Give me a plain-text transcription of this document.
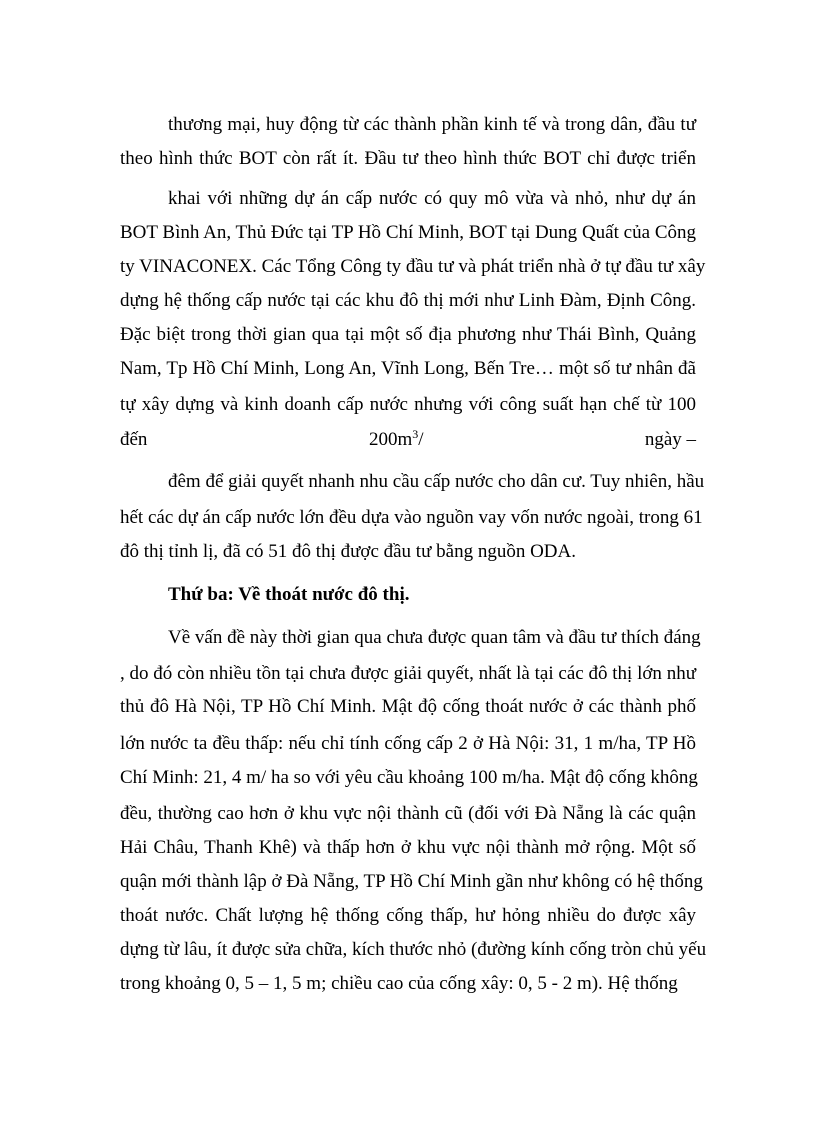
thương mại, huy động từ các thành phần kinh tế và trong dân, đầu tư
theo hình thức BOT còn rất ít. Đầu tư theo hình thức BOT chỉ được triển
khai với những dự án cấp nước có quy mô vừa và nhỏ, như dự án
BOT Bình An, Thủ Đức tại TP Hồ Chí Minh, BOT tại Dung Quất của Công
ty VINACONEX. Các Tổng Công ty đầu tư và phát triển nhà ở tự đầu tư xây
dựng hệ thống cấp nước tại các khu đô thị mới như Linh Đàm, Định Công.
Đặc biệt trong thời gian qua tại một số địa phương như Thái Bình, Quảng
Nam, Tp Hồ Chí Minh, Long An, Vĩnh Long, Bến Tre… một số tư nhân đã
tự xây dựng và kinh doanh cấp nước nhưng với công suất hạn chế từ 100
đến	$200m^3/$	ngày –
đêm để giải quyết nhanh nhu cầu cấp nước cho dân cư. Tuy nhiên, hầu
hết các dự án cấp nước lớn đều dựa vào nguồn vay vốn nước ngoài, trong 61
đô thị tỉnh lị, đã có 51 đô thị được đầu tư bằng nguồn ODA.
Thứ ba: Về thoát nước đô thị.
Về vấn đề này thời gian qua chưa được quan tâm và đầu tư thích đáng
, do đó còn nhiều tồn tại chưa được giải quyết, nhất là tại các đô thị lớn như
thủ đô Hà Nội, TP Hồ Chí Minh. Mật độ cống thoát nước ở các thành phố
lớn nước ta đều thấp: nếu chỉ tính cống cấp 2 ở Hà Nội: 31, 1 m/ha, TP Hồ
Chí Minh: 21, 4 m/ ha so với yêu cầu khoảng 100 m/ha. Mật độ cống không
đều, thường cao hơn ở khu vực nội thành cũ (đối với Đà Nẵng là các quận
Hải Châu, Thanh Khê) và thấp hơn ở khu vực nội thành mở rộng. Một số
quận mới thành lập ở Đà Nẵng, TP Hồ Chí Minh gần như không có hệ thống
thoát nước. Chất lượng hệ thống cống thấp, hư hỏng nhiều do được xây
dựng từ lâu, ít được sửa chữa, kích thước nhỏ (đường kính cống tròn chủ yếu
trong khoảng 0, 5 – 1, 5 m; chiều cao của cống xây: 0, 5 - 2 m). Hệ thống
